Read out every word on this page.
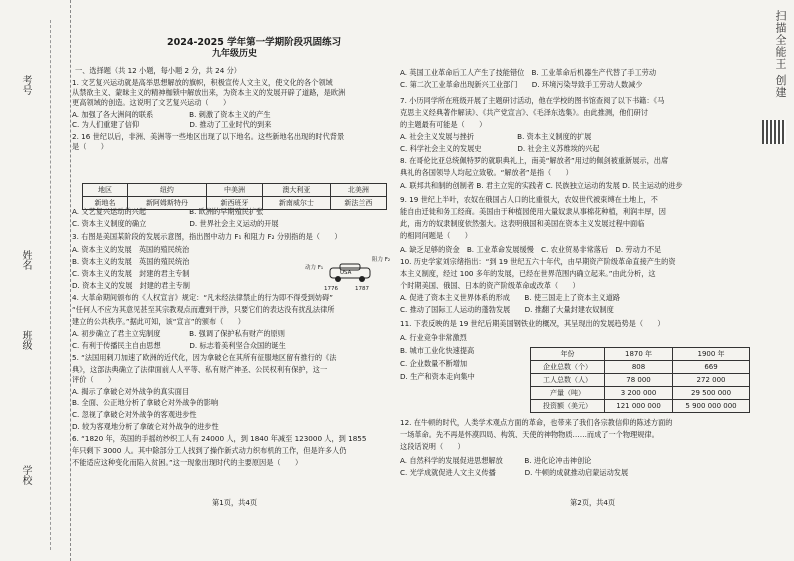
考号
姓名
班级
学校
扫描全能王 创建
2024-2025 学年第一学期阶段巩固练习
九年级历史
一、选择题（共 12 小题，每小题 2 分，共 24 分）
1. 文艺复兴运动就是高举思想解放的旗帜，积极宣传人文主义，使文化的各个领域
从禁欲主义、蒙昧主义的精神枷锁中解放出来，为资本主义的发展开辟了道路，是欧洲
更高领域的创造。这说明了文艺复兴运动（　　）
A. 加强了各大洲间的联系　　　　　B. 刺激了资本主义的产生
C. 为人们重建了信仰　　　　　　　D. 推动了工业时代的到来
2. 16 世纪以后，非洲、美洲等一些地区出现了以下地名。这些新地名出现的时代背景
是（　　）
A. 文艺复兴运动的兴起　　　　　　B. 欧洲的早期殖民扩张
C. 资本主义制度的确立　　　　　　D. 世界社会主义运动的开展
3. 右图是美国某阶段的发展示意图，指出图中动力 F₁ 和阻力 F₂ 分别指的是（　　）
A. 资本主义的发展　英国的殖民统治
B. 资本主义的发展　英国的殖民统治
C. 资本主义的发展　封建的君主专制
D. 资本主义的发展　封建的君主专制
4. 大革命期间颁布的《人权宣言》规定：“凡未经法律禁止的行为即不得受到妨碍”
“任何人不应为其意见甚至其宗教观点而遭到干涉，只要它们的表达没有扰乱法律所
建立的公共秩序。”据此可知，该“宣言”的颁布（　　）
A. 初步确立了君主立宪制度　　　　B. 强调了保护私有财产的原则
C. 有利于传播民主自由思想　　　　D. 标志着美利坚合众国的诞生
5. “法国用刺刀加速了欧洲的近代化，因为拿破仑在其所有征服地区留有推行的《法
典》，这部法典确立了法律面前人人平等、私有财产神圣、公民权利有保护，这一
评价（　　）
A. 揭示了拿破仑对外战争的真实面目
B. 全面、公正地分析了拿破仑对外战争的影响
C. 忽视了拿破仑对外战争的客观进步性
D. 较为客观地分析了拿破仑对外战争的进步性
6. “1820 年，英国的手摇纺纱织工人有 24000 人，到 1840 年减至 123000 人，到 1855
年只剩下 3000 人。其中除部分工人找到了操作新式动力织布机的工作，但是许多人仍
不能适应这种变化而陷入贫困。”这一现象出现时代的主要原因是（　　）
地区	纽约	中美洲	澳大利亚	北美洲
新地名	新阿姆斯特丹	新西班牙	新南威尔士	新法兰西
动力 F₁
USA
阻力 F₂
1776	1787
第1页，共4页
A. 英国工业革命后工人产生了技能错位　B. 工业革命后机器生产代替了手工劳动
C. 第二次工业革命出现新兴工业部门　　D. 环境污染导致手工劳动人数减少
7. 小历同学所在班级开展了主题研讨活动，他在学校的图书馆查阅了以下书籍：《马
克思主义经典著作解读》、《共产党宣言》、《毛泽东选集》。由此推测，他们研讨
的主题最有可能是（　　）
A. 社会主义发展与挫折　　　　　　B. 资本主义制度的扩展
C. 科学社会主义的发展史　　　　　D. 社会主义苏维埃的兴起
8. 在哥伦比亚总统佩特罗的就职典礼上，南美“解放者”用过的佩剑被重新展示，出席
典礼的各国领导人均起立致敬。“解放者”是指（　　）
A. 联邦共和制的创制者 B. 君主立宪的实践者 C. 民族独立运动的发展 D. 民主运动的进步
9. 19 世纪上半叶，农奴在俄国占人口的比重很大，农奴世代被束缚在土地上，不
能自由迁徙和务工经商。美国由于种植园使用大量奴隶从事棉花种植，利润丰厚，因
此，南方的奴隶制度依然强大。这表明俄国和美国在资本主义发展过程中面临
的相同问题是（　　）
A. 缺乏足够的资金　B. 工业革命发展缓慢　C. 农业贸易非常落后　D. 劳动力不足
10. 历史学家刘宗绪指出：“到 19 世纪五六十年代，由早期资产阶级革命直接产生的资
本主义制度，经过 100 多年的发展，已经在世界范围内确立起来。”由此分析，这
个时期美国、俄国、日本的资产阶级革命或改革（　　）
A. 促进了资本主义世界体系的形成　　B. 使三国走上了资本主义道路
C. 推动了国际工人运动的蓬勃发展　　D. 推翻了大量封建农奴制度
11. 下表反映的是 19 世纪后期美国钢铁业的概况，其呈现出的发展趋势是（　　）
A. 行业竞争非常激烈
B. 城市工业化快速提高
C. 企业数量不断增加
D. 生产和资本走向集中
12. 在牛顿的时代，人类学术观点方面的革命，也带来了我们各宗教信仰的陈述方面的
一场革命。先不再是怀漠四局、构筑、天使的神物物质……而成了一个物理规律。
这段话说明（　　）
A. 自然科学的发展促进思想解放　　　B. 进化论冲击神创论
C. 光学成就促进人文主义传播　　　　D. 牛顿的成就推动启蒙运动发展
年份	1870 年	1900 年
企业总数（个）	808	669
工人总数（人）	78 000	272 000
产量（吨）	3 200 000	29 500 000
投资额（美元）	121 000 000	5 900 000 000
第2页，共4页
